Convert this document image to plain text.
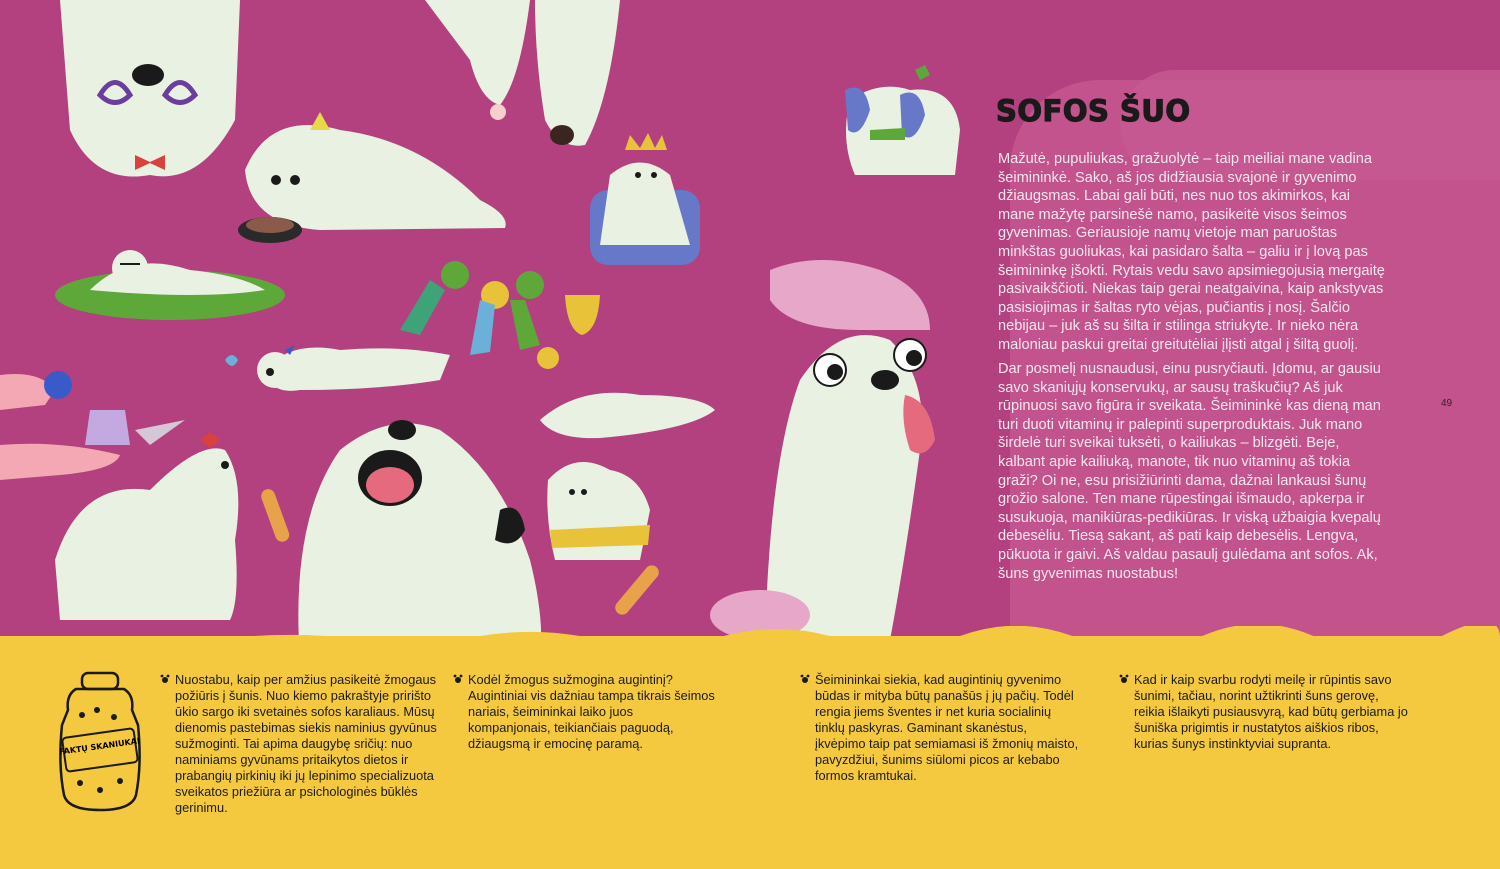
SOFOS ŠUO

Mažutė, pupuliukas, gražuolytė – taip meiliai mane vadina šeimininkė. Sako, aš jos didžiausia svajonė ir gyvenimo džiaugsmas. Labai gali būti, nes nuo tos akimirkos, kai mane mažytę parsinešė namo, pasikeitė visos šeimos gyvenimas. Geriausioje namų vietoje man paruoštas minkštas guoliukas, kai pasidaro šalta – galiu ir į lovą pas šeimininkę įšokti. Rytais vedu savo apsimiegojusią mergaitę pasivaikščioti. Niekas taip gerai neatgaivina, kaip ankstyvas pasisiojimas ir šaltas ryto vėjas, pučiantis į nosį. Šalčio nebijau – juk aš su šilta ir stilinga striukyte. Ir nieko nėra maloniau paskui greitai greitutėliai įlįsti atgal į šiltą guolį.

Dar posmelį nusnaudusi, einu pusryčiauti. Įdomu, ar gausiu savo skaniųjų konservukų, ar sausų traškučių? Aš juk rūpinuosi savo figūra ir sveikata. Šeimininkė kas dieną man turi duoti vitaminų ir palepinti superproduktais. Juk mano širdelė turi sveikai tuksėti, o kailiukas – blizgėti. Beje, kalbant apie kailiuką, manote, tik nuo vitaminų aš tokia graži? Oi ne, esu prisižiūrinti dama, dažnai lankausi šunų grožio salone. Ten mane rūpestingai išmaudo, apkerpa ir susukuoja, manikiūras-pedikiūras. Ir viską užbaigia kvepalų debesėliu. Tiesą sakant, aš pati kaip debesėlis. Lengva, pūkuota ir gaivi. Aš valdau pasaulį gulėdama ant sofos. Ak, šuns gyvenimas nuostabus!

49
FAKTŲ SKANIUKAI
Nuostabu, kaip per amžius pasikeitė žmogaus požiūris į šunis. Nuo kiemo pakraštyje pririšto ūkio sargo iki svetainės sofos karaliaus. Mūsų dienomis pastebimas siekis naminius gyvūnus sužmoginti. Tai apima daugybę sričių: nuo naminiams gyvūnams pritaikytos dietos ir prabangių pirkinių iki jų lepinimo specializuota sveikatos priežiūra ar psichologinės būklės gerinimu.
Kodėl žmogus sužmogina augintinį? Augintiniai vis dažniau tampa tikrais šeimos nariais, šeimininkai laiko juos kompanjonais, teikiančiais paguodą, džiaugsmą ir emocinę paramą.
Šeimininkai siekia, kad augintinių gyvenimo būdas ir mityba būtų panašūs į jų pačių. Todėl rengia jiems šventes ir net kuria socialinių tinklų paskyras. Gaminant skanėstus, įkvėpimo taip pat semiamasi iš žmonių maisto, pavyzdžiui, šunims siūlomi picos ar kebabo formos kramtukai.
Kad ir kaip svarbu rodyti meilę ir rūpintis savo šunimi, tačiau, norint užtikrinti šuns gerovę, reikia išlaikyti pusiausvyrą, kad būtų gerbiama jo šuniška prigimtis ir nustatytos aiškios ribos, kurias šunys instinktyviai supranta.
